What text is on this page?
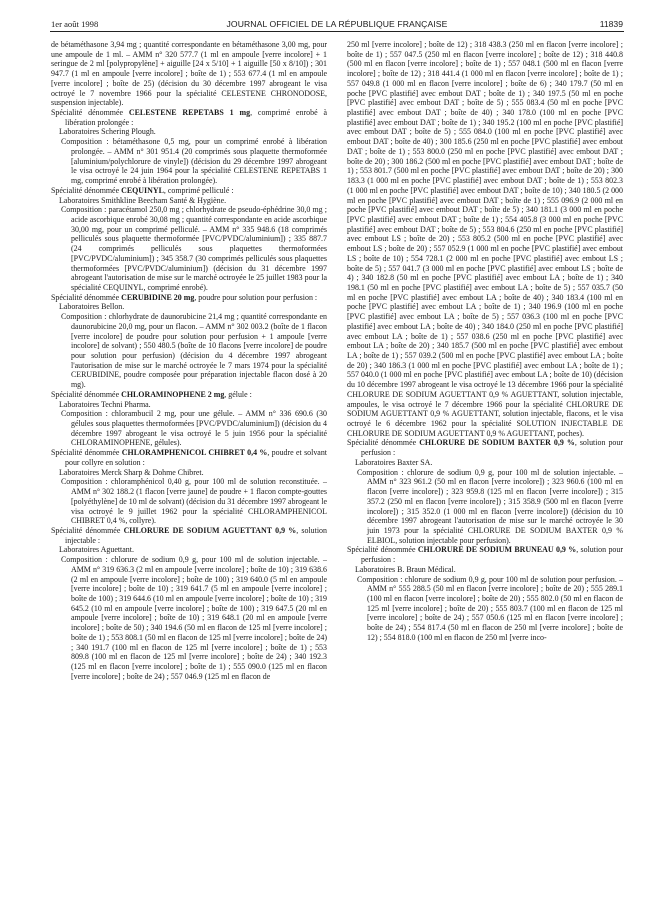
1er août 1998	JOURNAL OFFICIEL DE LA RÉPUBLIQUE FRANÇAISE	11839

de bétaméthasone 3,94 mg ; quantité correspondante en bétaméthasone 3,00 mg, pour une ampoule de 1 ml. – AMM n° 320 577.7 (1 ml en ampoule [verre incolore] + 1 seringue de 2 ml [polypropylène] + aiguille [24 x 5/10] + 1 aiguille [50 x 8/10]) ; 301 947.7 (1 ml en ampoule [verre incolore] ; boîte de 1) ; 553 677.4 (1 ml en ampoule [verre incolore] ; boîte de 25) (décision du 30 décembre 1997 abrogeant le visa octroyé le 7 novembre 1966 pour la spécialité CELESTENE CHRONODOSE, suspension injectable).

Spécialité dénommée CELESTENE REPETABS 1 mg, comprimé enrobé à libération prolongée :

Laboratoires Schering Plough.

Composition : bétaméthasone 0,5 mg, pour un comprimé enrobé à libération prolongée. – AMM n° 301 951.4 (20 comprimés sous plaquette thermoformée [aluminium/polychlorure de vinyle]) (décision du 29 décembre 1997 abrogeant le visa octroyé le 24 juin 1964 pour la spécialité CELESTENE REPETABS 1 mg, comprimé enrobé à libération prolongée).

Spécialité dénommée CEQUINYL, comprimé pelliculé :

Laboratoires Smithkline Beecham Santé & Hygiène.

Composition : paracétamol 250,0 mg ; chlorhydrate de pseudo-éphédrine 30,0 mg ; acide ascorbique enrobé 30,08 mg ; quantité correspondante en acide ascorbique 30,00 mg, pour un comprimé pelliculé. – AMM n° 335 948.6 (18 comprimés pelliculés sous plaquette thermoformée [PVC/PVDC/aluminium]) ; 335 887.7 (24 comprimés pelliculés sous plaquettes thermoformées [PVC/PVDC/aluminium]) ; 345 358.7 (30 comprimés pelliculés sous plaquettes thermoformées [PVC/PVDC/aluminium]) (décision du 31 décembre 1997 abrogeant l'autorisation de mise sur le marché octroyée le 25 juillet 1983 pour la spécialité CEQUINYL, comprimé enrobé).

Spécialité dénommée CERUBIDINE 20 mg, poudre pour solution pour perfusion :

Laboratoires Bellon.

Composition : chlorhydrate de daunorubicine 21,4 mg ; quantité correspondante en daunorubicine 20,0 mg, pour un flacon. – AMM n° 302 003.2 (boîte de 1 flacon [verre incolore] de poudre pour solution pour perfusion + 1 ampoule [verre incolore] de solvant) ; 550 480.5 (boîte de 10 flacons [verre incolore] de poudre pour solution pour perfusion) (décision du 4 décembre 1997 abrogeant l'autorisation de mise sur le marché octroyée le 7 mars 1974 pour la spécialité CERUBIDINE, poudre composée pour préparation injectable flacon dosé à 20 mg).

Spécialité dénommée CHLORAMINOPHENE 2 mg, gélule :

Laboratoires Techni Pharma.

Composition : chlorambucil 2 mg, pour une gélule. – AMM n° 336 690.6 (30 gélules sous plaquettes thermoformées [PVC/PVDC/aluminium]) (décision du 4 décembre 1997 abrogeant le visa octroyé le 5 juin 1956 pour la spécialité CHLORAMINOPHENE, gélules).

Spécialité dénommée CHLORAMPHENICOL CHIBRET 0,4 %, poudre et solvant pour collyre en solution :

Laboratoires Merck Sharp & Dohme Chibret.

Composition : chloramphénicol 0,40 g, pour 100 ml de solution reconstituée. – AMM n° 302 188.2 (1 flacon [verre jaune] de poudre + 1 flacon compte-gouttes [polyéthylène] de 10 ml de solvant) (décision du 31 décembre 1997 abrogeant le visa octroyé le 9 juillet 1962 pour la spécialité CHLORAMPHENICOL CHIBRET 0,4 %, collyre).

Spécialité dénommée CHLORURE DE SODIUM AGUETTANT 0,9 %, solution injectable :

Laboratoires Aguettant.

Composition : chlorure de sodium 0,9 g, pour 100 ml de solution injectable. – AMM n° 319 636.3 (2 ml en ampoule [verre incolore] ; boîte de 10) ; 319 638.6 (2 ml en ampoule [verre incolore] ; boîte de 100) ; 319 640.0 (5 ml en ampoule [verre incolore] ; boîte de 10) ; 319 641.7 (5 ml en ampoule [verre incolore] ; boîte de 100) ; 319 644.6 (10 ml en ampoule [verre incolore] ; boîte de 10) ; 319 645.2 (10 ml en ampoule [verre incolore] ; boîte de 100) ; 319 647.5 (20 ml en ampoule [verre incolore] ; boîte de 10) ; 319 648.1 (20 ml en ampoule [verre incolore] ; boîte de 50) ; 340 194.6 (50 ml en flacon de 125 ml [verre incolore] ; boîte de 1) ; 553 808.1 (50 ml en flacon de 125 ml [verre incolore] ; boîte de 24) ; 340 191.7 (100 ml en flacon de 125 ml [verre incolore] ; boîte de 1) ; 553 809.8 (100 ml en flacon de 125 ml [verre incolore] ; boîte de 24) ; 340 192.3 (125 ml en flacon [verre incolore] ; boîte de 1) ; 555 090.0 (125 ml en flacon [verre incolore] ; boîte de 24) ; 557 046.9 (125 ml en flacon de

250 ml [verre incolore] ; boîte de 12) ; 318 438.3 (250 ml en flacon [verre incolore] ; boîte de 1) ; 557 047.5 (250 ml en flacon [verre incolore] ; boîte de 12) ; 318 440.8 (500 ml en flacon [verre incolore] ; boîte de 1) ; 557 048.1 (500 ml en flacon [verre incolore] ; boîte de 12) ; 318 441.4 (1 000 ml en flacon [verre incolore] ; boîte de 1) ; 557 049.8 (1 000 ml en flacon [verre incolore] ; boîte de 6) ; 340 179.7 (50 ml en poche [PVC plastifié] avec embout DAT ; boîte de 1) ; 340 197.5 (50 ml en poche [PVC plastifié] avec embout DAT ; boîte de 5) ; 555 083.4 (50 ml en poche [PVC plastifié] avec embout DAT ; boîte de 40) ; 340 178.0 (100 ml en poche [PVC plastifié] avec embout DAT ; boîte de 1) ; 340 195.2 (100 ml en poche [PVC plastifié] avec embout DAT ; boîte de 5) ; 555 084.0 (100 ml en poche [PVC plastifié] avec embout DAT ; boîte de 40) ; 300 185.6 (250 ml en poche [PVC plastifié] avec embout DAT ; boîte de 1) ; 553 800.0 (250 ml en poche [PVC plastifié] avec embout DAT ; boîte de 20) ; 300 186.2 (500 ml en poche [PVC plastifié] avec embout DAT ; boîte de 1) ; 553 801.7 (500 ml en poche [PVC plastifié] avec embout DAT ; boîte de 20) ; 300 183.3 (1 000 ml en poche [PVC plastifié] avec embout DAT ; boîte de 1) ; 553 802.3 (1 000 ml en poche [PVC plastifié] avec embout DAT ; boîte de 10) ; 340 180.5 (2 000 ml en poche [PVC plastifié] avec embout DAT ; boîte de 1) ; 555 096.9 (2 000 ml en poche [PVC plastifié] avec embout DAT ; boîte de 5) ; 340 181.1 (3 000 ml en poche [PVC plastifié] avec embout DAT ; boîte de 1) ; 554 405.8 (3 000 ml en poche [PVC plastifié] avec embout DAT ; boîte de 5) ; 553 804.6 (250 ml en poche [PVC plastifié] avec embout LS ; boîte de 20) ; 553 805.2 (500 ml en poche [PVC plastifié] avec embout LS ; boîte de 20) ; 557 052.9 (1 000 ml en poche [PVC plastifié] avec embout LS ; boîte de 10) ; 554 728.1 (2 000 ml en poche [PVC plastifié] avec embout LS ; boîte de 5) ; 557 041.7 (3 000 ml en poche [PVC plastifié] avec embout LS ; boîte de 4) ; 340 182.8 (50 ml en poche [PVC plastifié] avec embout LA ; boîte de 1) ; 340 198.1 (50 ml en poche [PVC plastifié] avec embout LA ; boîte de 5) ; 557 035.7 (50 ml en poche [PVC plastifié] avec embout LA ; boîte de 40) ; 340 183.4 (100 ml en poche [PVC plastifié] avec embout LA ; boîte de 1) ; 340 196.9 (100 ml en poche [PVC plastifié] avec embout LA ; boîte de 5) ; 557 036.3 (100 ml en poche [PVC plastifié] avec embout LA ; boîte de 40) ; 340 184.0 (250 ml en poche [PVC plastifié] avec embout LA ; boîte de 1) ; 557 038.6 (250 ml en poche [PVC plastifié] avec embout LA ; boîte de 20) ; 340 185.7 (500 ml en poche [PVC plastifié] avec embout LA ; boîte de 1) ; 557 039.2 (500 ml en poche [PVC plastifié] avec embout LA ; boîte de 20) ; 340 186.3 (1 000 ml en poche [PVC plastifié] avec embout LA ; boîte de 1) ; 557 040.0 (1 000 ml en poche [PVC plastifié] avec embout LA ; boîte de 10) (décision du 10 décembre 1997 abrogeant le visa octroyé le 13 décembre 1966 pour la spécialité CHLORURE DE SODIUM AGUETTANT 0,9 % AGUETTANT, solution injectable, ampoules, le visa octroyé le 7 décembre 1966 pour la spécialité CHLORURE DE SODIUM AGUETTANT 0,9 % AGUETTANT, solution injectable, flacons, et le visa octroyé le 6 décembre 1962 pour la spécialité SOLUTION INJECTABLE DE CHLORURE DE SODIUM AGUETTANT 0,9 % AGUETTANT, poches).

Spécialité dénommée CHLORURE DE SODIUM BAXTER 0,9 %, solution pour perfusion :

Laboratoires Baxter SA.

Composition : chlorure de sodium 0,9 g, pour 100 ml de solution injectable. – AMM n° 323 961.2 (50 ml en flacon [verre incolore]) ; 323 960.6 (100 ml en flacon [verre incolore]) ; 323 959.8 (125 ml en flacon [verre incolore]) ; 315 357.2 (250 ml en flacon [verre incolore]) ; 315 358.9 (500 ml en flacon [verre incolore]) ; 315 352.0 (1 000 ml en flacon [verre incolore]) (décision du 10 décembre 1997 abrogeant l'autorisation de mise sur le marché octroyée le 30 juin 1973 pour la spécialité CHLORURE DE SODIUM BAXTER 0,9 % ELBIOL, solution injectable pour perfusion).

Spécialité dénommée CHLORURE DE SODIUM BRUNEAU 0,9 %, solution pour perfusion :

Laboratoires B. Braun Médical.

Composition : chlorure de sodium 0,9 g, pour 100 ml de solution pour perfusion. – AMM n° 555 288.5 (50 ml en flacon [verre incolore] ; boîte de 20) ; 555 289.1 (100 ml en flacon [verre incolore] ; boîte de 20) ; 555 802.0 (50 ml en flacon de 125 ml [verre incolore] ; boîte de 20) ; 555 803.7 (100 ml en flacon de 125 ml [verre incolore] ; boîte de 24) ; 557 050.6 (125 ml en flacon [verre incolore] ; boîte de 24) ; 554 817.4 (50 ml en flacon de 250 ml [verre incolore] ; boîte de 12) ; 554 818.0 (100 ml en flacon de 250 ml [verre inco-
